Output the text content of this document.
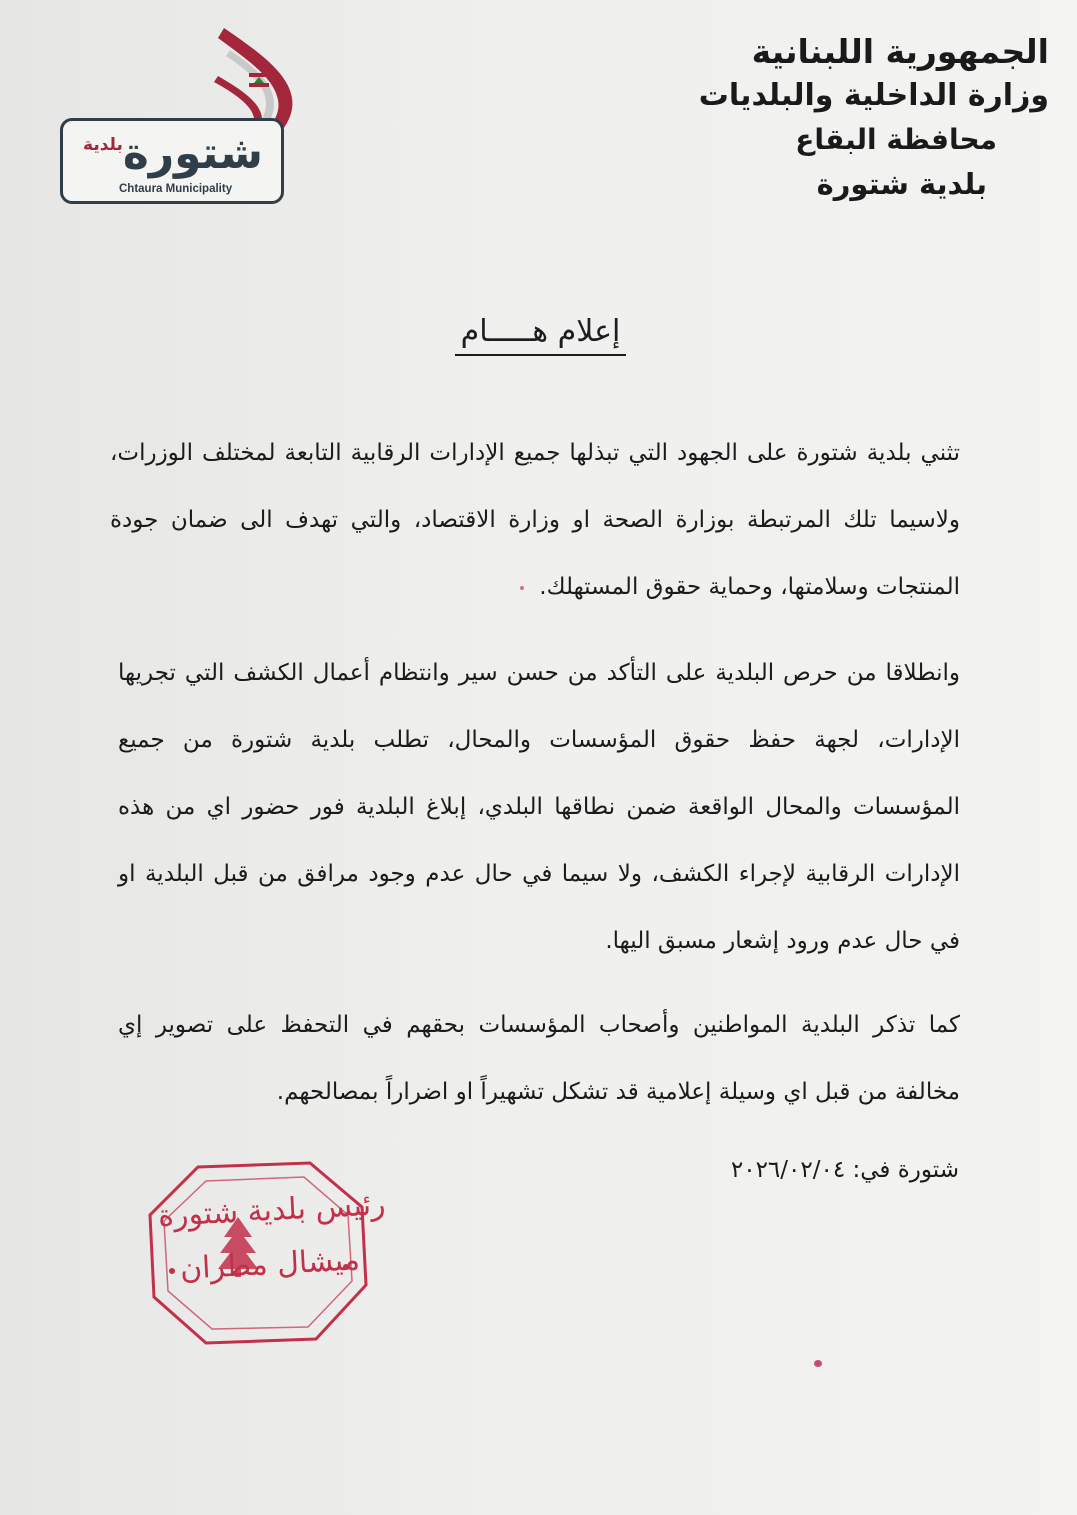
شتورة$^{بلدية}$
Chtaura Municipality
الجمهورية اللبنانية
وزارة الداخلية والبلديات
محافظة البقاع
بلدية شتورة
إعلام هـــــام
تثني بلدية شتورة على الجهود التي تبذلها جميع الإدارات الرقابية التابعة لمختلف الوزرات، ولاسيما تلك المرتبطة بوزارة الصحة او وزارة الاقتصاد، والتي تهدف الى ضمان جودة المنتجات وسلامتها، وحماية حقوق المستهلك.
وانطلاقا من حرص البلدية على التأكد من حسن سير وانتظام أعمال الكشف التي تجريها الإدارات، لجهة حفظ حقوق المؤسسات والمحال، تطلب بلدية شتورة من جميع المؤسسات والمحال الواقعة ضمن نطاقها البلدي، إبلاغ البلدية فور حضور اي من هذه الإدارات الرقابية لإجراء الكشف، ولا سيما في حال عدم وجود مرافق من قبل البلدية او في حال عدم ورود إشعار مسبق اليها.
كما تذكر البلدية المواطنين وأصحاب المؤسسات بحقهم في التحفظ على تصوير إي مخالفة من قبل اي وسيلة إعلامية قد تشكل تشهيراً او اضراراً بمصالحهم.
شتورة في: ٢٠٢٦/٠٢/٠٤
رئيس بلدية شتورة
ميشال مطران
